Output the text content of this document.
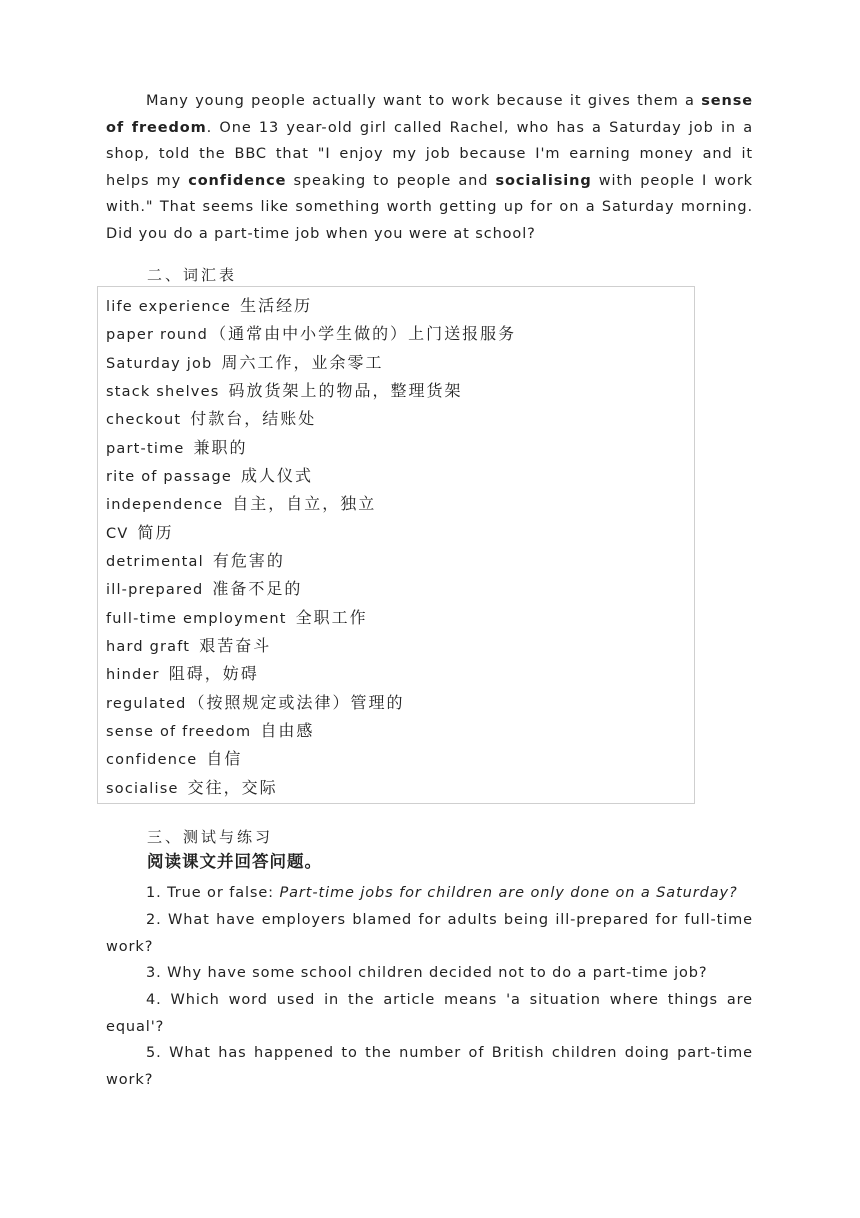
Many young people actually want to work because it gives them a sense of freedom. One 13 year-old girl called Rachel, who has a Saturday job in a shop, told the BBC that "I enjoy my job because I'm earning money and it helps my confidence speaking to people and socialising with people I work with." That seems like something worth getting up for on a Saturday morning. Did you do a part-time job when you were at school?

二、词汇表
life experience 生活经历
paper round （通常由中小学生做的）上门送报服务
Saturday job 周六工作，业余零工
stack shelves 码放货架上的物品，整理货架
checkout 付款台，结账处
part-time 兼职的
rite of passage 成人仪式
independence 自主，自立，独立
CV 简历
detrimental 有危害的
ill-prepared 准备不足的
full-time employment 全职工作
hard graft 艰苦奋斗
hinder 阻碍，妨碍
regulated （按照规定或法律）管理的
sense of freedom 自由感
confidence 自信
socialise 交往，交际
三、测试与练习
阅读课文并回答问题。

1. True or false: Part-time jobs for children are only done on a Saturday?

2. What have employers blamed for adults being ill-prepared for full-time work?

3. Why have some school children decided not to do a part-time job?

4. Which word used in the article means 'a situation where things are equal'?

5. What has happened to the number of British children doing part-time work?
